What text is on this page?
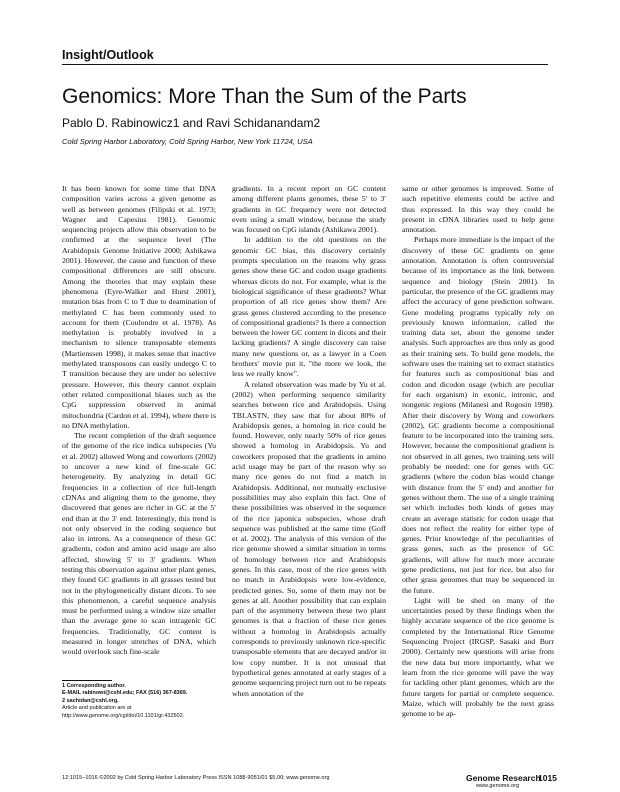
Insight/Outlook
Genomics: More Than the Sum of the Parts
Pablo D. Rabinowicz1 and Ravi Schidanandam2
Cold Spring Harbor Laboratory, Cold Spring Harbor, New York 11724, USA

It has been known for some time that DNA composition varies across a given genome as well as between genomes (Filipski et al. 1973; Wagner and Capesius 1981). Genomic sequencing projects allow this observation to be confirmed at the sequence level (The Arabidopsis Genome Initiative 2000; Ashikawa 2001). However, the cause and function of these compositional differences are still obscure. Among the theories that may explain these phenomena (Eyre-Walker and Hurst 2001), mutation bias from C to T due to deamination of methylated C has been commonly used to account for them (Coulondre et al. 1978). As methylation is probably involved in a mechanism to silence transposable elements (Martienssen 1998), it makes sense that inactive methylated transposons can easily undergo C to T transition because they are under no selective pressure. However, this theory cannot explain other related compositional biases such as the CpG suppression observed in animal mitochondria (Cardon et al. 1994), where there is no DNA methylation.

The recent completion of the draft sequence of the genome of the rice indica subspecies (Yu et al. 2002) allowed Wong and coworkers (2002) to uncover a new kind of fine-scale GC heterogeneity. By analyzing in detail GC frequencies in a collection of rice full-length cDNAs and aligning them to the genome, they discovered that genes are richer in GC at the 5′ end than at the 3′ end. Interestingly, this trend is not only observed in the coding sequence but also in introns. As a consequence of these GC gradients, codon and amino acid usage are also affected, showing 5′ to 3′ gradients. When testing this observation against other plant genes, they found GC gradients in all grasses tested but not in the phylogenetically distant dicots. To see this phenomenon, a careful sequence analysis must be performed using a window size smaller than the average gene to scan intragenic GC frequencies. Traditionally, GC content is measured in longer stretches of DNA, which would overlook such fine-scale

gradients. In a recent report on GC content among different plants genomes, these 5′ to 3′ gradients in GC frequency were not detected even using a small window, because the study was focused on CpG islands (Ashikawa 2001).

In addition to the old questions on the genomic GC bias, this discovery certainly prompts speculation on the reasons why grass genes show these GC and codon usage gradients whereas dicots do not. For example, what is the biological significance of these gradients? What proportion of all rice genes show them? Are grass genes clustered according to the presence of compositional gradients? Is there a connection between the lower GC content in dicots and their lacking gradients? A single discovery can raise many new questions or, as a lawyer in a Coen brothers' movie put it, "the more we look, the less we really know".

A related observation was made by Yu et al. (2002) when performing sequence similarity searches between rice and Arabidopsis. Using TBLASTN, they saw that for about 80% of Arabidopsis genes, a homolog in rice could be found. However, only nearly 50% of rice genes showed a homolog in Arabidopsis. Yu and coworkers proposed that the gradients in amino acid usage may be part of the reason why so many rice genes do not find a match in Arabidopsis. Additional, not mutually exclusive possibilities may also explain this fact. One of these possibilities was observed in the sequence of the rice japonica subspecies, whose draft sequence was published at the same time (Goff et al. 2002). The analysis of this version of the rice genome showed a similar situation in terms of homology between rice and Arabidopsis genes. In this case, most of the rice genes with no match in Arabidopsis were low-evidence, predicted genes. So, some of them may not be genes at all. Another possibility that can explain part of the asymmetry between these two plant genomes is that a fraction of these rice genes without a homolog in Arabidopsis actually corresponds to previously unknown rice-specific transposable elements that are decayed and/or in low copy number. It is not unusual that hypothetical genes annotated at early stages of a genome sequencing project turn out to be repeats when annotation of the

same or other genomes is improved. Some of such repetitive elements could be active and thus expressed. In this way they could be present in cDNA libraries used to help gene annotation.

Perhaps more immediate is the impact of the discovery of these GC gradients on gene annotation. Annotation is often controversial because of its importance as the link between sequence and biology (Stein 2001). In particular, the presence of the GC gradients may affect the accuracy of gene prediction software. Gene modeling programs typically rely on previously known information, called the training data set, about the genome under analysis. Such approaches are thus only as good as their training sets. To build gene models, the software uses the training set to extract statistics for features such as compositional bias and codon and dicodon usage (which are peculiar for each organism) in exonic, intronic, and nongenic regions (Milanesi and Rogosin 1998). After their discovery by Wong and coworkers (2002), GC gradients become a compositional feature to be incorporated into the training sets. However, because the compositional gradient is not observed in all genes, two training sets will probably be needed: one for genes with GC gradients (where the codon bias would change with distance from the 5′ end) and another for genes without them. The use of a single training set which includes both kinds of genes may create an average statistic for codon usage that does not reflect the reality for either type of genes. Prior knowledge of the peculiarities of grass genes, such as the presence of GC gradients, will allow for much more accurate gene predictions, not just for rice, but also for other grass genomes that may be sequenced in the future.

Light will be shed on many of the uncertainties posed by these findings when the highly accurate sequence of the rice genome is completed by the International Rice Genome Sequencing Project (IRGSP, Sasaki and Burr 2000). Certainly new questions will arise from the new data but more importantly, what we learn from the rice genome will pave the way for tackling other plant genomes, which are the future targets for partial or complete sequence. Maize, which will probably be the next grass genome to be ap-

1 Corresponding author.
E-MAIL rabinowi@cshl.edu; FAX (516) 367-8369.
2 sachidan@cshl.org.
Article and publication are at http://www.genome.org/cgi/doi/10.1101/gr.432502.
12:1015–1016 ©2002 by Cold Spring Harbor Laboratory Press ISSN 1088-9051/01 $5.00; www.genome.org	Genome Research
1015
www.genome.org
